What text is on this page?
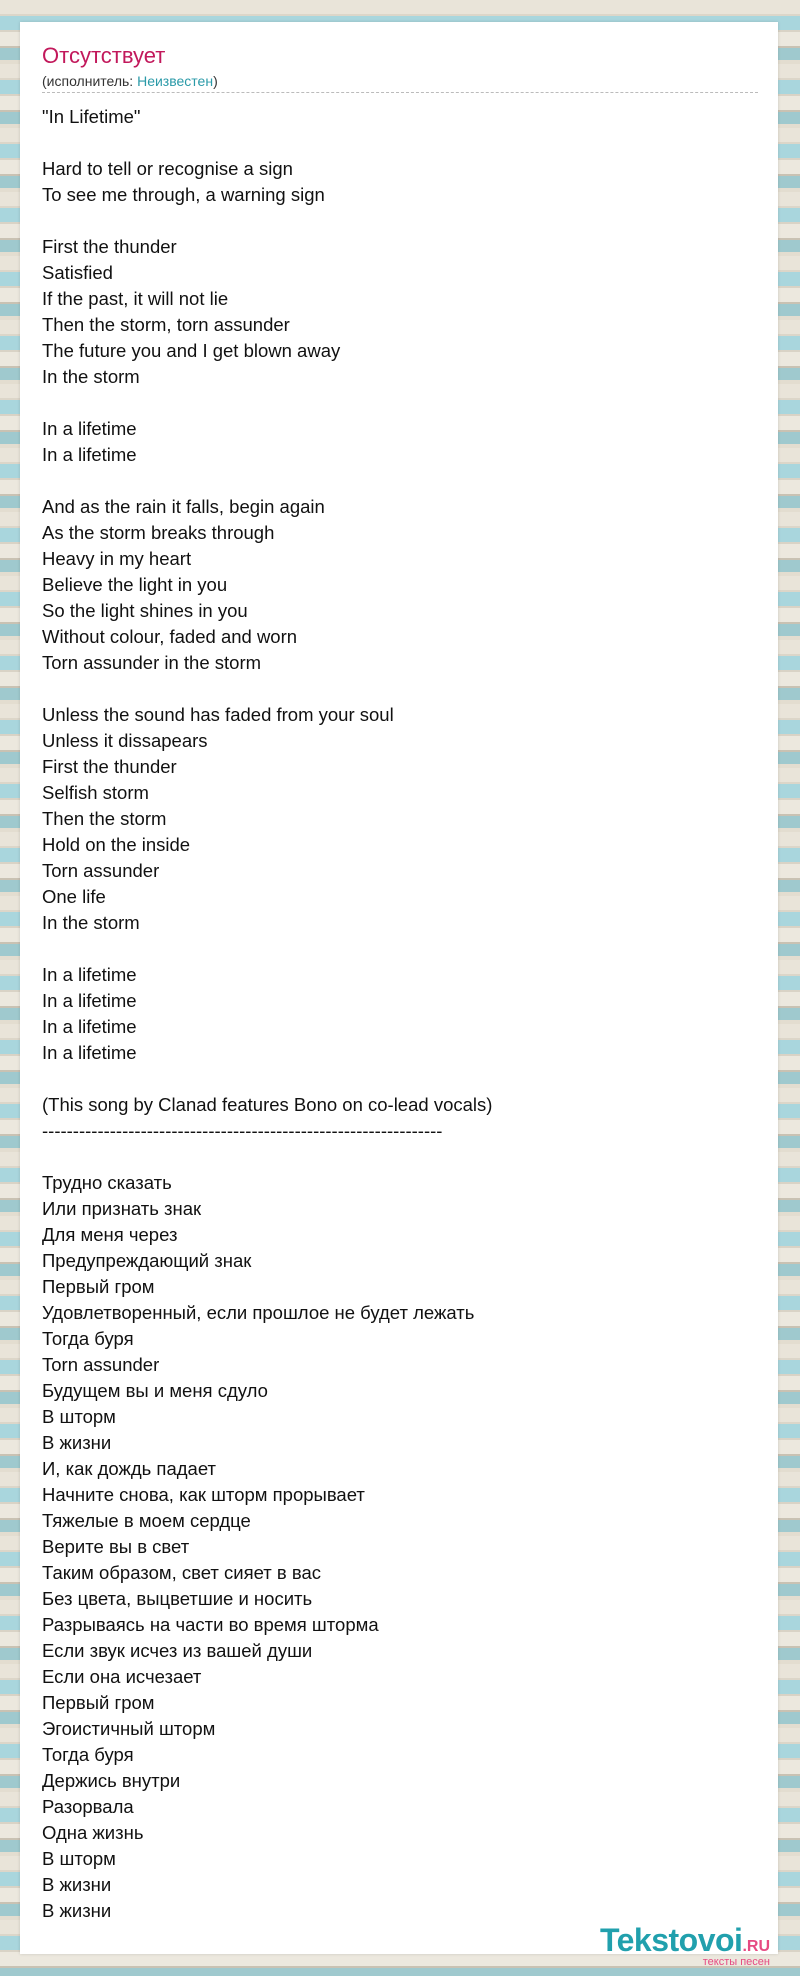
Отсутствует
(исполнитель: Неизвестен)
"In Lifetime"
Hard to tell or recognise a sign
To see me through, a warning sign
First the thunder
Satisfied
If the past, it will not lie
Then the storm, torn assunder
The future you and I get blown away
In the storm
In a lifetime
In a lifetime
And as the rain it falls, begin again
As the storm breaks through
Heavy in my heart
Believe the light in you
So the light shines in you
Without colour, faded and worn
Torn assunder in the storm
Unless the sound has faded from your soul
Unless it dissapears
First the thunder
Selfish storm
Then the storm
Hold on the inside
Torn assunder
One life
In the storm
In a lifetime
In a lifetime
In a lifetime
In a lifetime
(This song by Clanad features Bono on co-lead vocals)
-----------------------------------------------------------------
Трудно сказать
Или признать знак
Для меня через
Предупреждающий знак
Первый гром
Удовлетворенный, если прошлое не будет лежать
Тогда буря
Torn assunder
Будущем вы и меня сдуло
В шторм
В жизни
И, как дождь падает
Начните снова, как шторм прорывает
Тяжелые в моем сердце
Верите вы в свет
Таким образом, свет сияет в вас
Без цвета, выцветшие и носить
Разрываясь на части во время шторма
Если звук исчез из вашей души
Если она исчезает
Первый гром
Эгоистичный шторм
Тогда буря
Держись внутри
Разорвала
Одна жизнь
В шторм
В жизни
В жизни
Tekstovoi.RU
тексты песен
